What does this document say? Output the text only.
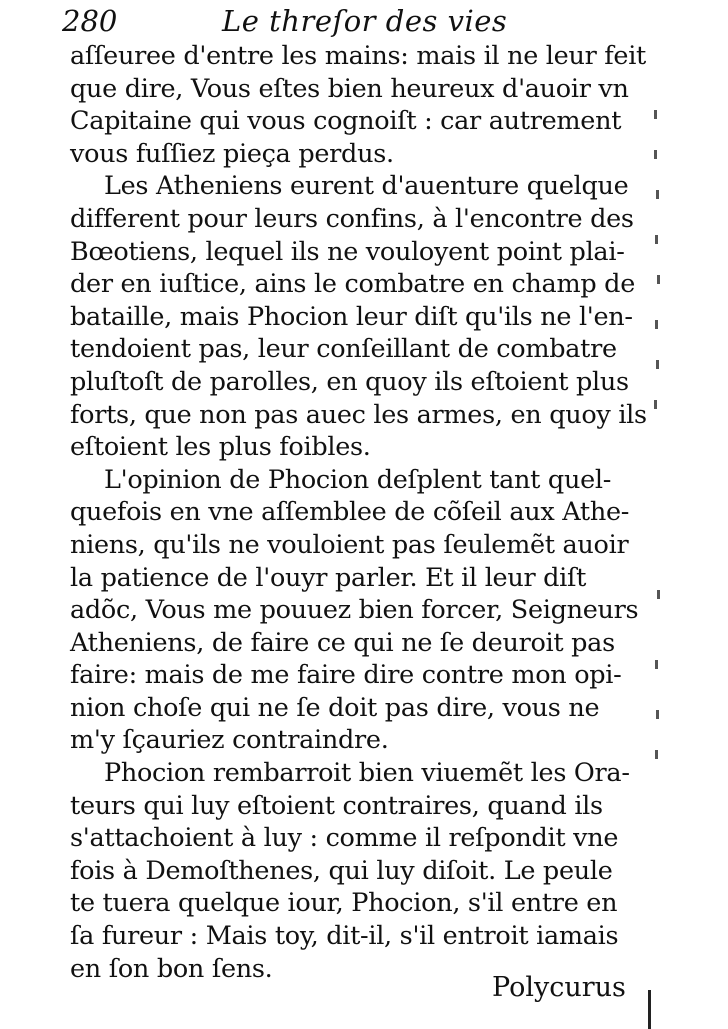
280	Le threſor des vies
aſſeuree d'entre les mains: mais il ne leur feit
que dire, Vous eſtes bien heureux d'auoir vn
Capitaine qui vous cognoiſt : car autrement
vous fuſſiez pieça perdus.
Les Atheniens eurent d'auenture quelque
different pour leurs confins, à l'encontre des
Bœotiens, lequel ils ne vouloyent point plai-
der en iuſtice, ains le combatre en champ de
bataille, mais Phocion leur diſt qu'ils ne l'en-
tendoient pas, leur conſeillant de combatre
pluſtoſt de parolles, en quoy ils eſtoient plus
forts, que non pas auec les armes, en quoy ils
eſtoient les plus foibles.
L'opinion de Phocion deſplent tant quel-
quefois en vne aſſemblee de cõſeil aux Athe-
niens, qu'ils ne vouloient pas ſeulemẽt auoir
la patience de l'ouyr parler. Et il leur diſt
adõc, Vous me pouuez bien forcer, Seigneurs
Atheniens, de faire ce qui ne ſe deuroit pas
faire: mais de me faire dire contre mon opi-
nion choſe qui ne ſe doit pas dire, vous ne
m'y ſçauriez contraindre.
Phocion rembarroit bien viuemẽt les Ora-
teurs qui luy eſtoient contraires, quand ils
s'attachoient à luy : comme il reſpondit vne
fois à Demoſthenes, qui luy diſoit. Le peule
te tuera quelque iour, Phocion, s'il entre en
ſa fureur : Mais toy, dit-il, s'il entroit iamais
en ſon bon ſens.
Polycurus
